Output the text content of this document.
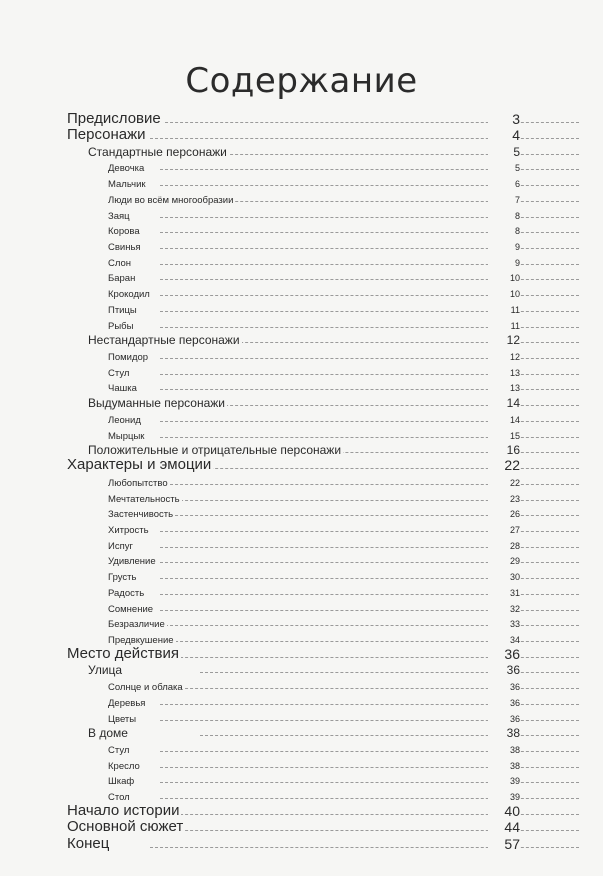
Содержание
Предисловие	3
Персонажи	4
Стандартные персонажи	5
Девочка	5
Мальчик	6
Люди во всём многообразии	7
Заяц	8
Корова	8
Свинья	9
Слон	9
Баран	10
Крокодил	10
Птицы	11
Рыбы	11
Нестандартные персонажи	12
Помидор	12
Стул	13
Чашка	13
Выдуманные персонажи	14
Леонид	14
Мырцык	15
Положительные и отрицательные персонажи	16
Характеры и эмоции	22
Любопытство	22
Мечтательность	23
Застенчивость	26
Хитрость	27
Испуг	28
Удивление	29
Грусть	30
Радость	31
Сомнение	32
Безразличие	33
Предвкушение	34
Место действия	36
Улица	36
Солнце и облака	36
Деревья	36
Цветы	36
В доме	38
Стул	38
Кресло	38
Шкаф	39
Стол	39
Начало истории	40
Основной сюжет	44
Конец	57
